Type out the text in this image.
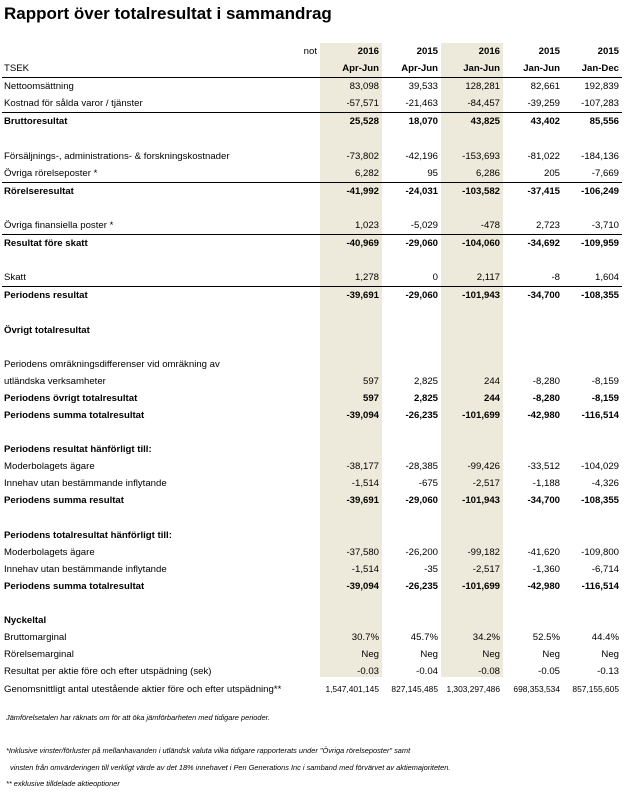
Rapport över totalresultat i sammandrag
not	2016	2015	2016	2015	2015
TSEK	Apr-Jun	Apr-Jun	Jan-Jun	Jan-Jun	Jan-Dec
Nettoomsättning	83,098	39,533	128,281	82,661	192,839
Kostnad för sålda varor / tjänster	-57,571	-21,463	-84,457	-39,259	-107,283
Bruttoresultat	25,528	18,070	43,825	43,402	85,556

Försäljnings-, administrations- & forskningskostnader	-73,802	-42,196	-153,693	-81,022	-184,136
Övriga rörelseposter *	6,282	95	6,286	205	-7,669
Rörelseresultat	-41,992	-24,031	-103,582	-37,415	-106,249

Övriga finansiella poster *	1,023	-5,029	-478	2,723	-3,710
Resultat före skatt	-40,969	-29,060	-104,060	-34,692	-109,959

Skatt	1,278	0	2,117	-8	1,604
Periodens resultat	-39,691	-29,060	-101,943	-34,700	-108,355

Övrigt totalresultat					

Periodens omräkningsdifferenser vid omräkning av					
utländska verksamheter	597	2,825	244	-8,280	-8,159
Periodens övrigt totalresultat	597	2,825	244	-8,280	-8,159
Periodens summa totalresultat	-39,094	-26,235	-101,699	-42,980	-116,514

Periodens resultat hänförligt till:					
Moderbolagets ägare	-38,177	-28,385	-99,426	-33,512	-104,029
Innehav utan bestämmande inflytande	-1,514	-675	-2,517	-1,188	-4,326
Periodens summa resultat	-39,691	-29,060	-101,943	-34,700	-108,355

Periodens totalresultat hänförligt till:					
Moderbolagets ägare	-37,580	-26,200	-99,182	-41,620	-109,800
Innehav utan bestämmande inflytande	-1,514	-35	-2,517	-1,360	-6,714
Periodens summa totalresultat	-39,094	-26,235	-101,699	-42,980	-116,514

Nyckeltal					
Bruttomarginal	30.7%	45.7%	34.2%	52.5%	44.4%
Rörelsemarginal	Neg	Neg	Neg	Neg	Neg
Resultat per aktie före och efter utspädning (sek)	-0.03	-0.04	-0.08	-0.05	-0.13
Genomsnittligt antal utestående aktier före och efter utspädning**	1,547,401,145	827,145,485	1,303,297,486	698,353,534	857,155,605
Jämförelsetalen har räknats om för att öka jämförbarheten med tidigare perioder.
*Inklusive vinster/förluster på mellanhavanden i utländsk valuta vilka tidigare rapporterats under "Övriga rörelseposter" samt
vinsten från omvärderingen till verkligt värde av det 18% innehavet i Pen Generations Inc i samband med förvärvet av aktiemajoriteten.
** exklusive tilldelade aktieoptioner
